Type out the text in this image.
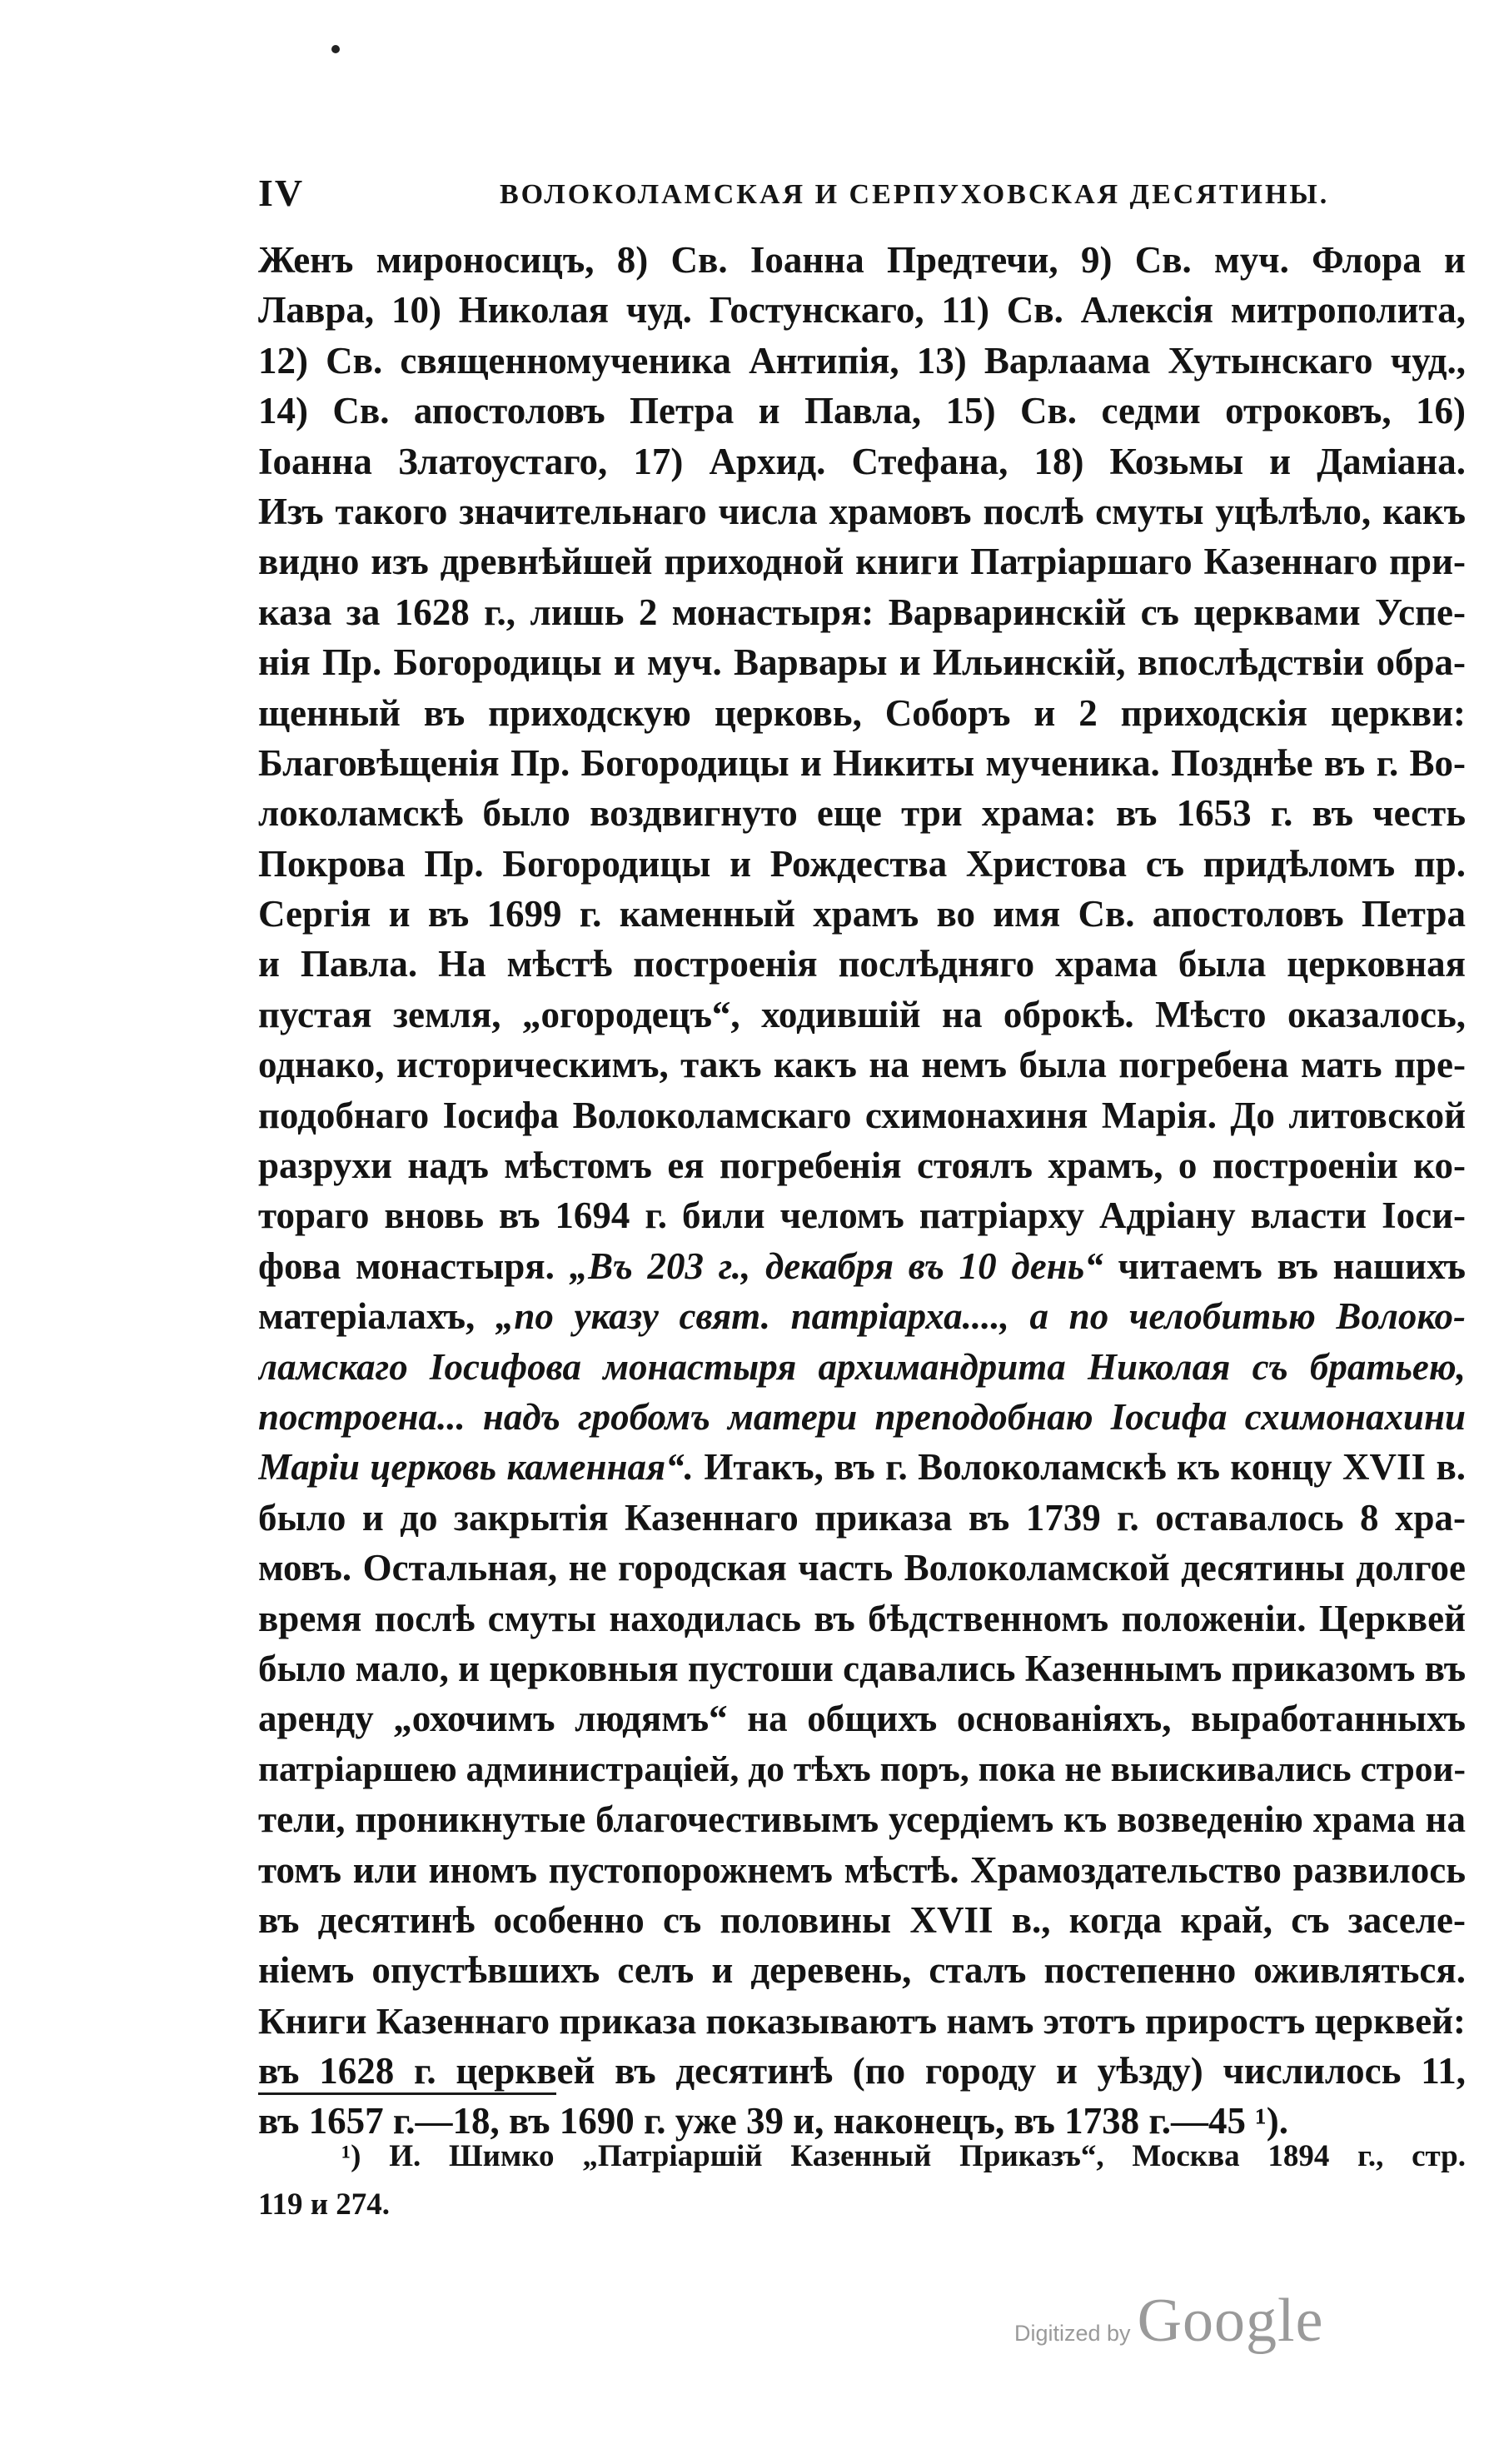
IV	ВОЛОКОЛАМСКАЯ И СЕРПУХОВСКАЯ ДЕСЯТИНЫ.
Женъ мироносицъ, 8) Св. Іоанна Предтечи, 9) Св. муч. Флора и
Лавра, 10) Николая чуд. Гостунскаго, 11) Св. Алексія митрополита,
12) Св. священномученика Антипія, 13) Варлаама Хутынскаго чуд.,
14) Св. апостоловъ Петра и Павла, 15) Св. седми отроковъ, 16)
Іоанна Златоустаго, 17) Архид. Стефана, 18) Козьмы и Даміана.
Изъ такого значительнаго числа храмовъ послѣ смуты уцѣлѣло, какъ
видно изъ древнѣйшей приходной книги Патріаршаго Казеннаго при-
каза за 1628 г., лишь 2 монастыря: Варваринскій съ церквами Успе-
нія Пр. Богородицы и муч. Варвары и Ильинскій, впослѣдствіи обра-
щенный въ приходскую церковь, Соборъ и 2 приходскія церкви:
Благовѣщенія Пр. Богородицы и Никиты мученика. Позднѣе въ г. Во-
локоламскѣ было воздвигнуто еще три храма: въ 1653 г. въ честь
Покрова Пр. Богородицы и Рождества Христова съ придѣломъ пр.
Сергія и въ 1699 г. каменный храмъ во имя Св. апостоловъ Петра
и Павла. На мѣстѣ построенія послѣдняго храма была церковная
пустая земля, „огородецъ“, ходившій на оброкѣ. Мѣсто оказалось,
однако, историческимъ, такъ какъ на немъ была погребена мать пре-
подобнаго Іосифа Волоколамскаго схимонахиня Марія. До литовской
разрухи надъ мѣстомъ ея погребенія стоялъ храмъ, о построеніи ко-
тораго вновь въ 1694 г. били челомъ патріарху Адріану власти Іоси-
фова монастыря. „Въ 203 г., декабря въ 10 день“ читаемъ въ нашихъ
матеріалахъ, „по указу свят. патріарха...., а по челобитью Волоко-
ламскаго Іосифова монастыря архимандрита Николая съ братьею,
построена... надъ гробомъ матери преподобнаю Іосифа схимонахини
Маріи церковь каменная“. Итакъ, въ г. Волоколамскѣ къ концу XVII в.
было и до закрытія Казеннаго приказа въ 1739 г. оставалось 8 хра-
мовъ. Остальная, не городская часть Волоколамской десятины долгое
время послѣ смуты находилась въ бѣдственномъ положеніи. Церквей
было мало, и церковныя пустоши сдавались Казеннымъ приказомъ въ
аренду „охочимъ людямъ“ на общихъ основаніяхъ, выработанныхъ
патріаршею администраціей, до тѣхъ поръ, пока не выискивались строи-
тели, проникнутые благочестивымъ усердіемъ къ возведенію храма на
томъ или иномъ пустопорожнемъ мѣстѣ. Храмоздательство развилось
въ десятинѣ особенно съ половины XVII в., когда край, съ заселе-
ніемъ опустѣвшихъ селъ и деревень, сталъ постепенно оживляться.
Книги Казеннаго приказа показываютъ намъ этотъ приростъ церквей:
въ 1628 г. церквей въ десятинѣ (по городу и уѣзду) числилось 11,
въ 1657 г.—18, въ 1690 г. уже 39 и, наконецъ, въ 1738 г.—45 ¹).
¹) И. Шимко „Патріаршій Казенный Приказъ“, Москва 1894 г., стр.
119 и 274.
Digitized by Google
